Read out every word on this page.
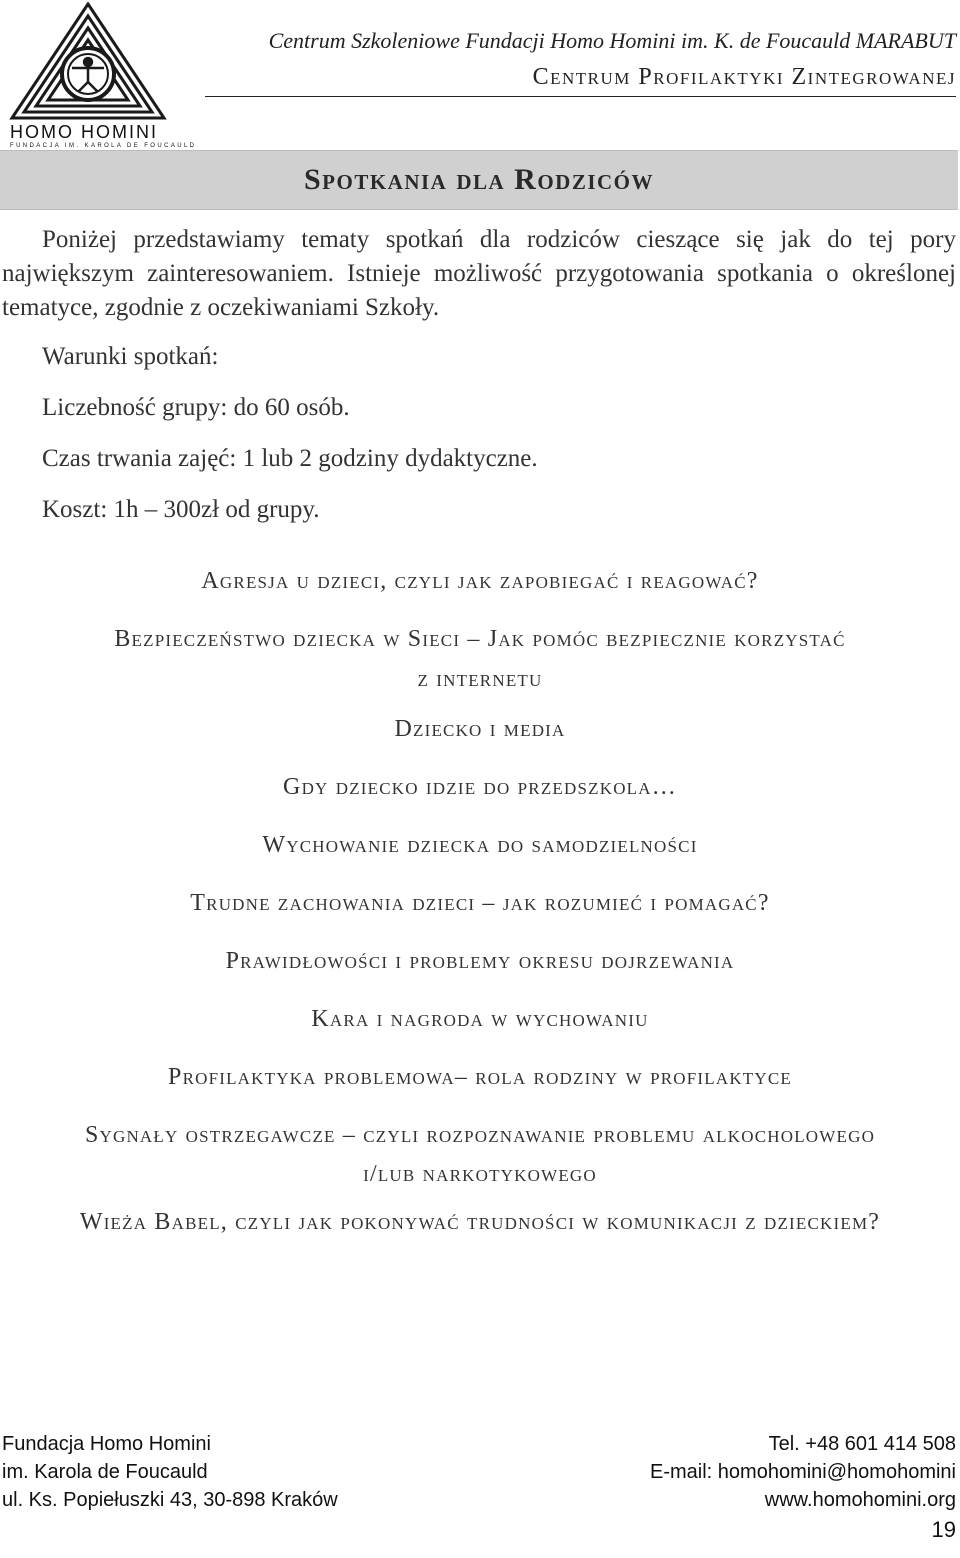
HOMO HOMINI
FUNDACJA IM. KAROLA DE FOUCAULD
Centrum Szkoleniowe Fundacji Homo Homini im. K. de Foucauld MARABUT
Centrum Profilaktyki Zintegrowanej
Spotkania dla Rodziców

Poniżej przedstawiamy tematy spotkań dla rodziców cieszące się jak do tej pory największym zainteresowaniem. Istnieje możliwość przygotowania spotkania o określonej tematyce, zgodnie z oczekiwaniami Szkoły.

Warunki spotkań:
Liczebność grupy: do 60 osób.
Czas trwania zajęć: 1 lub 2 godziny dydaktyczne.
Koszt: 1h – 300zł od grupy.
Agresja u dzieci, czyli jak zapobiegać i reagować?
Bezpieczeństwo dziecka w Sieci – Jak pomóc bezpiecznie korzystać
z internetu
Dziecko i media
Gdy dziecko idzie do przedszkola…
Wychowanie dziecka do samodzielności
Trudne zachowania dzieci – jak rozumieć i pomagać?
Prawidłowości i problemy okresu dojrzewania
Kara i nagroda w wychowaniu
Profilaktyka problemowa– rola rodziny w profilaktyce
Sygnały ostrzegawcze – czyli rozpoznawanie problemu alkocholowego
i/lub narkotykowego
Wieża Babel, czyli jak pokonywać trudności w komunikacji z dzieckiem?
Fundacja Homo Homini
im. Karola de Foucauld
ul. Ks. Popiełuszki 43, 30-898 Kraków
Tel. +48 601 414 508
E-mail: homohomini@homohomini
www.homohomini.org
19
